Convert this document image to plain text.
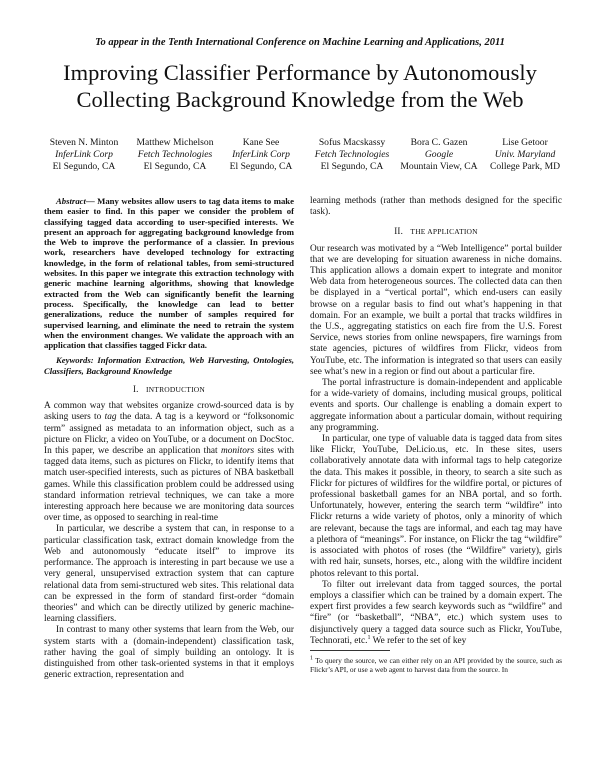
To appear in the Tenth International Conference on Machine Learning and Applications, 2011
Improving Classifier Performance by Autonomously
Collecting Background Knowledge from the Web
Steven N. Minton
InferLink Corp
El Segundo, CA
Matthew Michelson
Fetch Technologies
El Segundo, CA
Kane See
InferLink Corp
El Segundo, CA
Sofus Macskassy
Fetch Technologies
El Segundo, CA
Bora C. Gazen
Google
Mountain View, CA
Lise Getoor
Univ. Maryland
College Park, MD

Abstract— Many websites allow users to tag data items to make them easier to find. In this paper we consider the problem of classifying tagged data according to user-specified interests. We present an approach for aggregating background knowledge from the Web to improve the performance of a classier. In previous work, researchers have developed technology for extracting knowledge, in the form of relational tables, from semi-structured websites. In this paper we integrate this extraction technology with generic machine learning algorithms, showing that knowledge extracted from the Web can significantly benefit the learning process. Specifically, the knowledge can lead to better generalizations, reduce the number of samples required for supervised learning, and eliminate the need to retrain the system when the environment changes. We validate the approach with an application that classifies tagged Fickr data.

Keywords: Information Extraction, Web Harvesting, Ontologies, Classifiers, Background Knowledge

I. INTRODUCTION

A common way that websites organize crowd-sourced data is by asking users to tag the data. A tag is a keyword or “folksonomic term” assigned as metadata to an information object, such as a picture on Flickr, a video on YouTube, or a document on DocStoc. In this paper, we describe an application that monitors sites with tagged data items, such as pictures on Flickr, to identify items that match user-specified interests, such as pictures of NBA basketball games. While this classification problem could be addressed using standard information retrieval techniques, we can take a more interesting approach here because we are monitoring data sources over time, as opposed to searching in real-time

In particular, we describe a system that can, in response to a particular classification task, extract domain knowledge from the Web and autonomously “educate itself” to improve its performance. The approach is interesting in part because we use a very general, unsupervised extraction system that can capture relational data from semi-structured web sites. This relational data can be expressed in the form of standard first-order “domain theories” and which can be directly utilized by generic machine-learning classifiers.

In contrast to many other systems that learn from the Web, our system starts with a (domain-independent) classification task, rather having the goal of simply building an ontology. It is distinguished from other task-oriented systems in that it employs generic extraction, representation and

learning methods (rather than methods designed for the specific task).

II. THE APPLICATION

Our research was motivated by a “Web Intelligence” portal builder that we are developing for situation awareness in niche domains. This application allows a domain expert to integrate and monitor Web data from heterogeneous sources. The collected data can then be displayed in a “vertical portal”, which end-users can easily browse on a regular basis to find out what’s happening in that domain. For an example, we built a portal that tracks wildfires in the U.S., aggregating statistics on each fire from the U.S. Forest Service, news stories from online newspapers, fire warnings from state agencies, pictures of wildfires from Flickr, videos from YouTube, etc. The information is integrated so that users can easily see what’s new in a region or find out about a particular fire.

The portal infrastructure is domain-independent and applicable for a wide-variety of domains, including musical groups, political events and sports. Our challenge is enabling a domain expert to aggregate information about a particular domain, without requiring any programming.

In particular, one type of valuable data is tagged data from sites like Flickr, YouTube, Del.icio.us, etc. In these sites, users collaboratively annotate data with informal tags to help categorize the data. This makes it possible, in theory, to search a site such as Flickr for pictures of wildfires for the wildfire portal, or pictures of professional basketball games for an NBA portal, and so forth. Unfortunately, however, entering the search term “wildfire” into Flickr returns a wide variety of photos, only a minority of which are relevant, because the tags are informal, and each tag may have a plethora of “meanings”. For instance, on Flickr the tag “wildfire” is associated with photos of roses (the “Wildfire” variety), girls with red hair, sunsets, horses, etc., along with the wildfire incident photos relevant to this portal.

To filter out irrelevant data from tagged sources, the portal employs a classifier which can be trained by a domain expert. The expert first provides a few search keywords such as “wildfire” and “fire” (or “basketball”, “NBA”, etc.) which system uses to disjunctively query a tagged data source such as Flickr, YouTube, Technorati, etc.$^1$ We refer to the set of key

$^1$ To query the source, we can either rely on an API provided by the source, such as Flickr’s API, or use a web agent to harvest data from the source. In
